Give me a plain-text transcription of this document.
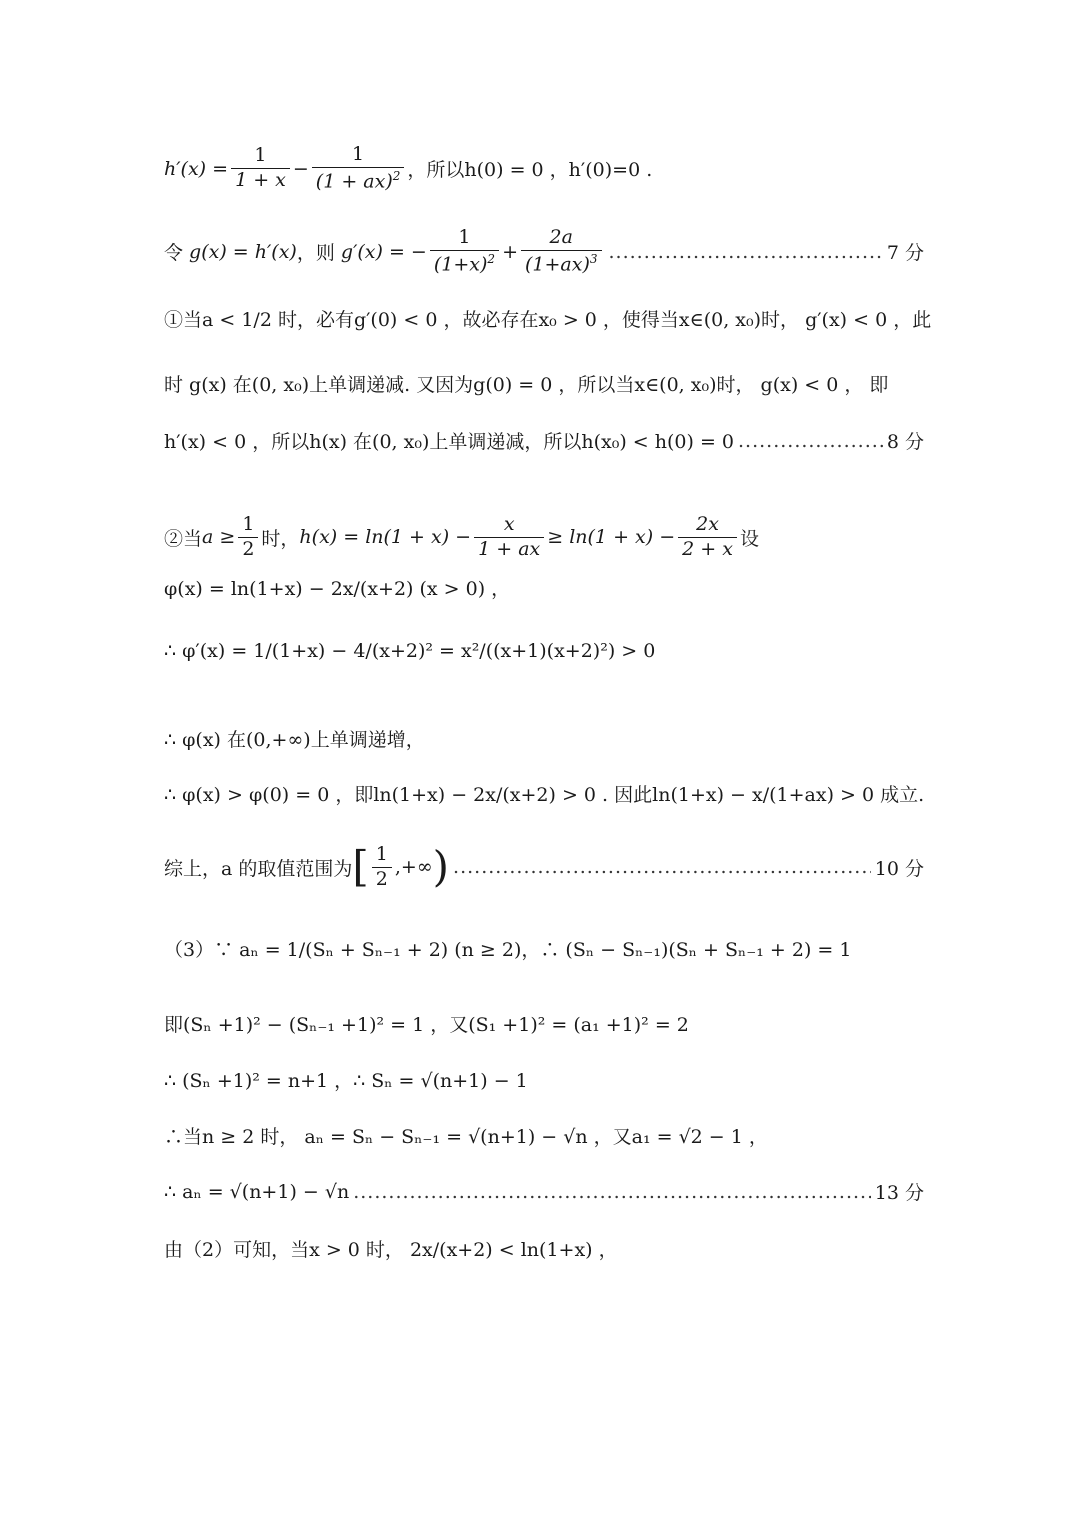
$h'(x) = \frac{1}{1 + x} - \frac{1}{(1 + ax)^2}$ ，所以h(0) = 0 ，h′(0)=0 .
令 g(x) = h′(x) ，则 g′(x) = − $\frac{1}{(1+x)^2} + \frac{2a}{(1+ax)^3}$ .....	7 分
①当a < 1/2 时，必有g′(0) < 0 ，故必存在x₀ > 0 ，使得当x∈(0, x₀)时， g′(x) < 0 ，此
时 g(x) 在(0, x₀)上单调递减. 又因为g(0) = 0 ，所以当x∈(0, x₀)时， g(x) < 0 ， 即
h′(x) < 0 ，所以h(x) 在(0, x₀)上单调递减，所以h(x₀) < h(0) = 0 .....	8 分
②当 $a \ge \frac{1}{2}$ 时， $h(x) = \ln(1 + x) - \frac{x}{1 + ax} \ge \ln(1 + x) - \frac{2x}{2 + x}$ 设
φ(x) = ln(1+x) − 2x/(x+2) (x > 0) ，
∴ φ′(x) = 1/(1+x) − 4/(x+2)² = x²/((x+1)(x+2)²) > 0
∴ φ(x) 在(0,+∞)上单调递增，
∴ φ(x) > φ(0) = 0 ，即ln(1+x) − 2x/(x+2) > 0 . 因此ln(1+x) − x/(1+ax) > 0 成立.
综上，a 的取值范围为 [ $\frac{1}{2}$ ,+∞ ) .....	10 分
（3）∵ aₙ = 1/(Sₙ + Sₙ₋₁ + 2) (n ≥ 2)，∴ (Sₙ − Sₙ₋₁)(Sₙ + Sₙ₋₁ + 2) = 1
即(Sₙ +1)² − (Sₙ₋₁ +1)² = 1 ，又(S₁ +1)² = (a₁ +1)² = 2
∴ (Sₙ +1)² = n+1 ，∴ Sₙ = √(n+1) − 1
∴当n ≥ 2 时， aₙ = Sₙ − Sₙ₋₁ = √(n+1) − √n ，又a₁ = √2 − 1 ，
∴ aₙ = √(n+1) − √n .....	13 分
由（2）可知，当x > 0 时， 2x/(x+2) < ln(1+x) ，
